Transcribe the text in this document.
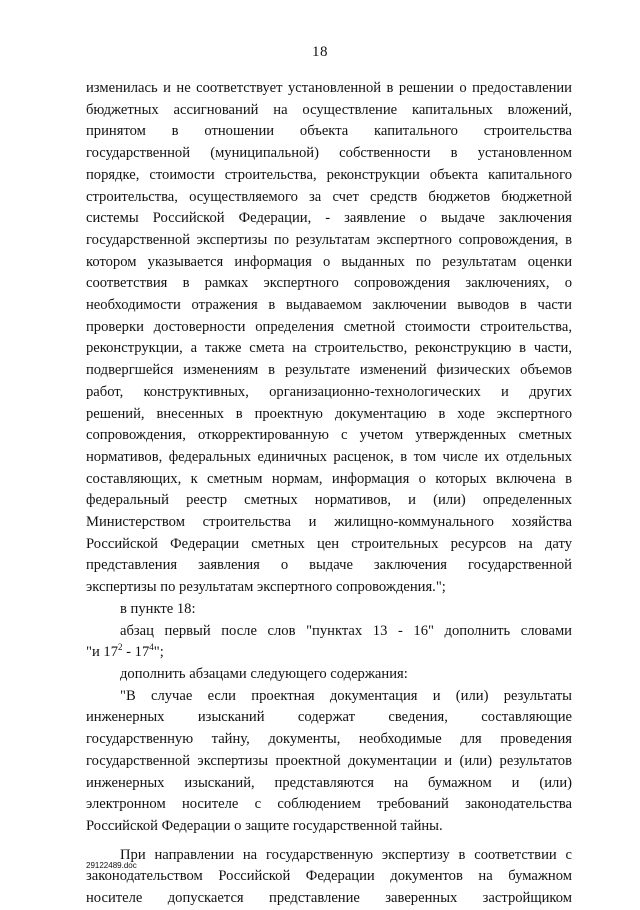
18

изменилась и не соответствует установленной в решении о предоставлении

бюджетных ассигнований на осуществление капитальных вложений,

принятом в отношении объекта капитального строительства

государственной (муниципальной) собственности в установленном

порядке, стоимости строительства, реконструкции объекта капитального

строительства, осуществляемого за счет средств бюджетов бюджетной

системы Российской Федерации, - заявление о выдаче заключения

государственной экспертизы по результатам экспертного сопровождения, в

котором указывается информация о выданных по результатам оценки

соответствия в рамках экспертного сопровождения заключениях, о

необходимости отражения в выдаваемом заключении выводов в части

проверки достоверности определения сметной стоимости строительства,

реконструкции, а также смета на строительство, реконструкцию в части,

подвергшейся изменениям в результате изменений физических объемов

работ, конструктивных, организационно-технологических и других

решений, внесенных в проектную документацию в ходе экспертного

сопровождения, откорректированную с учетом утвержденных сметных

нормативов, федеральных единичных расценок, в том числе их отдельных

составляющих, к сметным нормам, информация о которых включена в

федеральный реестр сметных нормативов, и (или) определенных

Министерством строительства и жилищно-коммунального хозяйства

Российской Федерации сметных цен строительных ресурсов на дату

представления заявления о выдаче заключения государственной

экспертизы по результатам экспертного сопровождения.";

в пункте 18:

абзац первый после слов "пунктах 13 - 16" дополнить словами

"и $17^2 - 17^4$";

дополнить абзацами следующего содержания:

"В случае если проектная документация и (или) результаты

инженерных изысканий содержат сведения, составляющие

государственную тайну, документы, необходимые для проведения

государственной экспертизы проектной документации и (или) результатов

инженерных изысканий, представляются на бумажном и (или)

электронном носителе с соблюдением требований законодательства

Российской Федерации о защите государственной тайны.

При направлении на государственную экспертизу в соответствии с

законодательством Российской Федерации документов на бумажном

носителе допускается представление заверенных застройщиком

29122489.doc
